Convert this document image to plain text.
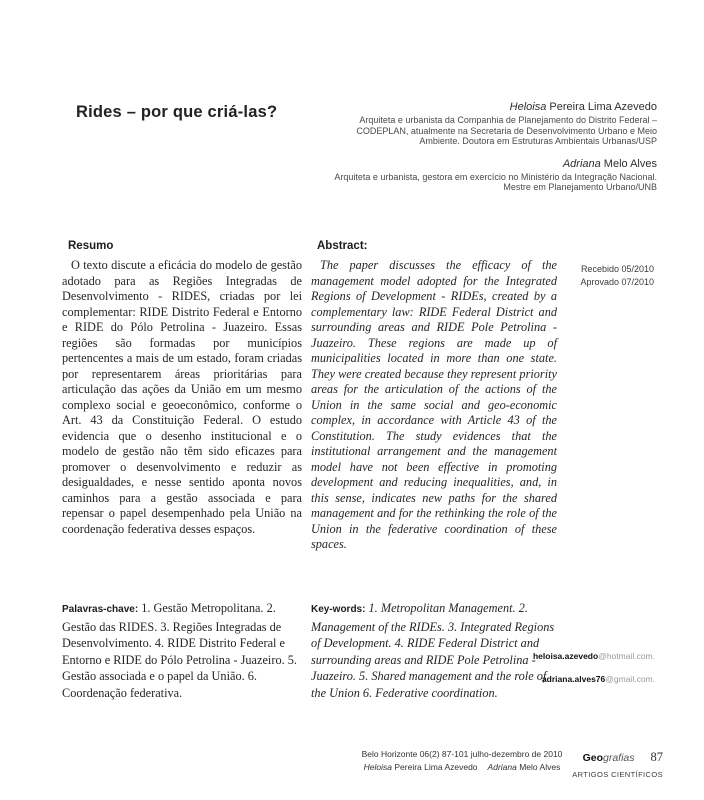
Rides – por que criá-las?	Heloisa Pereira Lima Azevedo
Arquiteta e urbanista da Companhia de Planejamento do Distrito Federal – CODEPLAN, atualmente na Secretaria de Desenvolvimento Urbano e Meio Ambiente. Doutora em Estruturas Ambientais Urbanas/USP
Adriana Melo Alves
Arquiteta e urbanista, gestora em exercício no Ministério da Integração Nacional. Mestre em Planejamento Urbano/UNB
Resumo

O texto discute a eficácia do modelo de gestão adotado para as Regiões Integradas de Desenvolvimento - RIDES, criadas por lei complementar: RIDE Distrito Federal e Entorno e RIDE do Pólo Petrolina - Juazeiro. Essas regiões são formadas por municípios pertencentes a mais de um estado, foram criadas por representarem áreas prioritárias para articulação das ações da União em um mesmo complexo social e geoeconômico, conforme o Art. 43 da Constituição Federal. O estudo evidencia que o desenho institucional e o modelo de gestão não têm sido eficazes para promover o desenvolvimento e reduzir as desigualdades, e nesse sentido aponta novos caminhos para a gestão associada e para repensar o papel desempenhado pela União na coordenação federativa desses espaços.

Abstract:

The paper discusses the efficacy of the management model adopted for the Integrated Regions of Development - RIDEs, created by a complementary law: RIDE Federal District and surrounding areas and RIDE Pole Petrolina - Juazeiro. These regions are made up of municipalities located in more than one state. They were created because they represent priority areas for the articulation of the actions of the Union in the same social and geo-economic complex, in accordance with Article 43 of the Constitution. The study evidences that the institutional arrangement and the management model have not been effective in promoting development and reducing inequalities, and, in this sense, indicates new paths for the shared management and for the rethinking the role of the Union in the federative coordination of these spaces.

Recebido 05/2010
Aprovado 07/2010
Palavras-chave: 1. Gestão Metropolitana. 2. Gestão das RIDES. 3. Regiões Integradas de Desenvolvimento. 4. RIDE Distrito Federal e Entorno e RIDE do Pólo Petrolina - Juazeiro. 5. Gestão associada e o papel da União. 6. Coordenação federativa.
Key-words: 1. Metropolitan Management. 2. Management of the RIDEs. 3. Integrated Regions of Development. 4. RIDE Federal District and surrounding areas and RIDE Pole Petrolina - Juazeiro. 5. Shared management and the role of the Union 6. Federative coordination.
heloisa.azevedo@hotmail.com.
adriana.alves76@gmail.com.
Belo Horizonte 06(2) 87-101 julho-dezembro de 2010
Heloisa Pereira Lima Azevedo Adriana Melo Alves
Geografias 87
ARTIGOS CIENTÍFICOS
